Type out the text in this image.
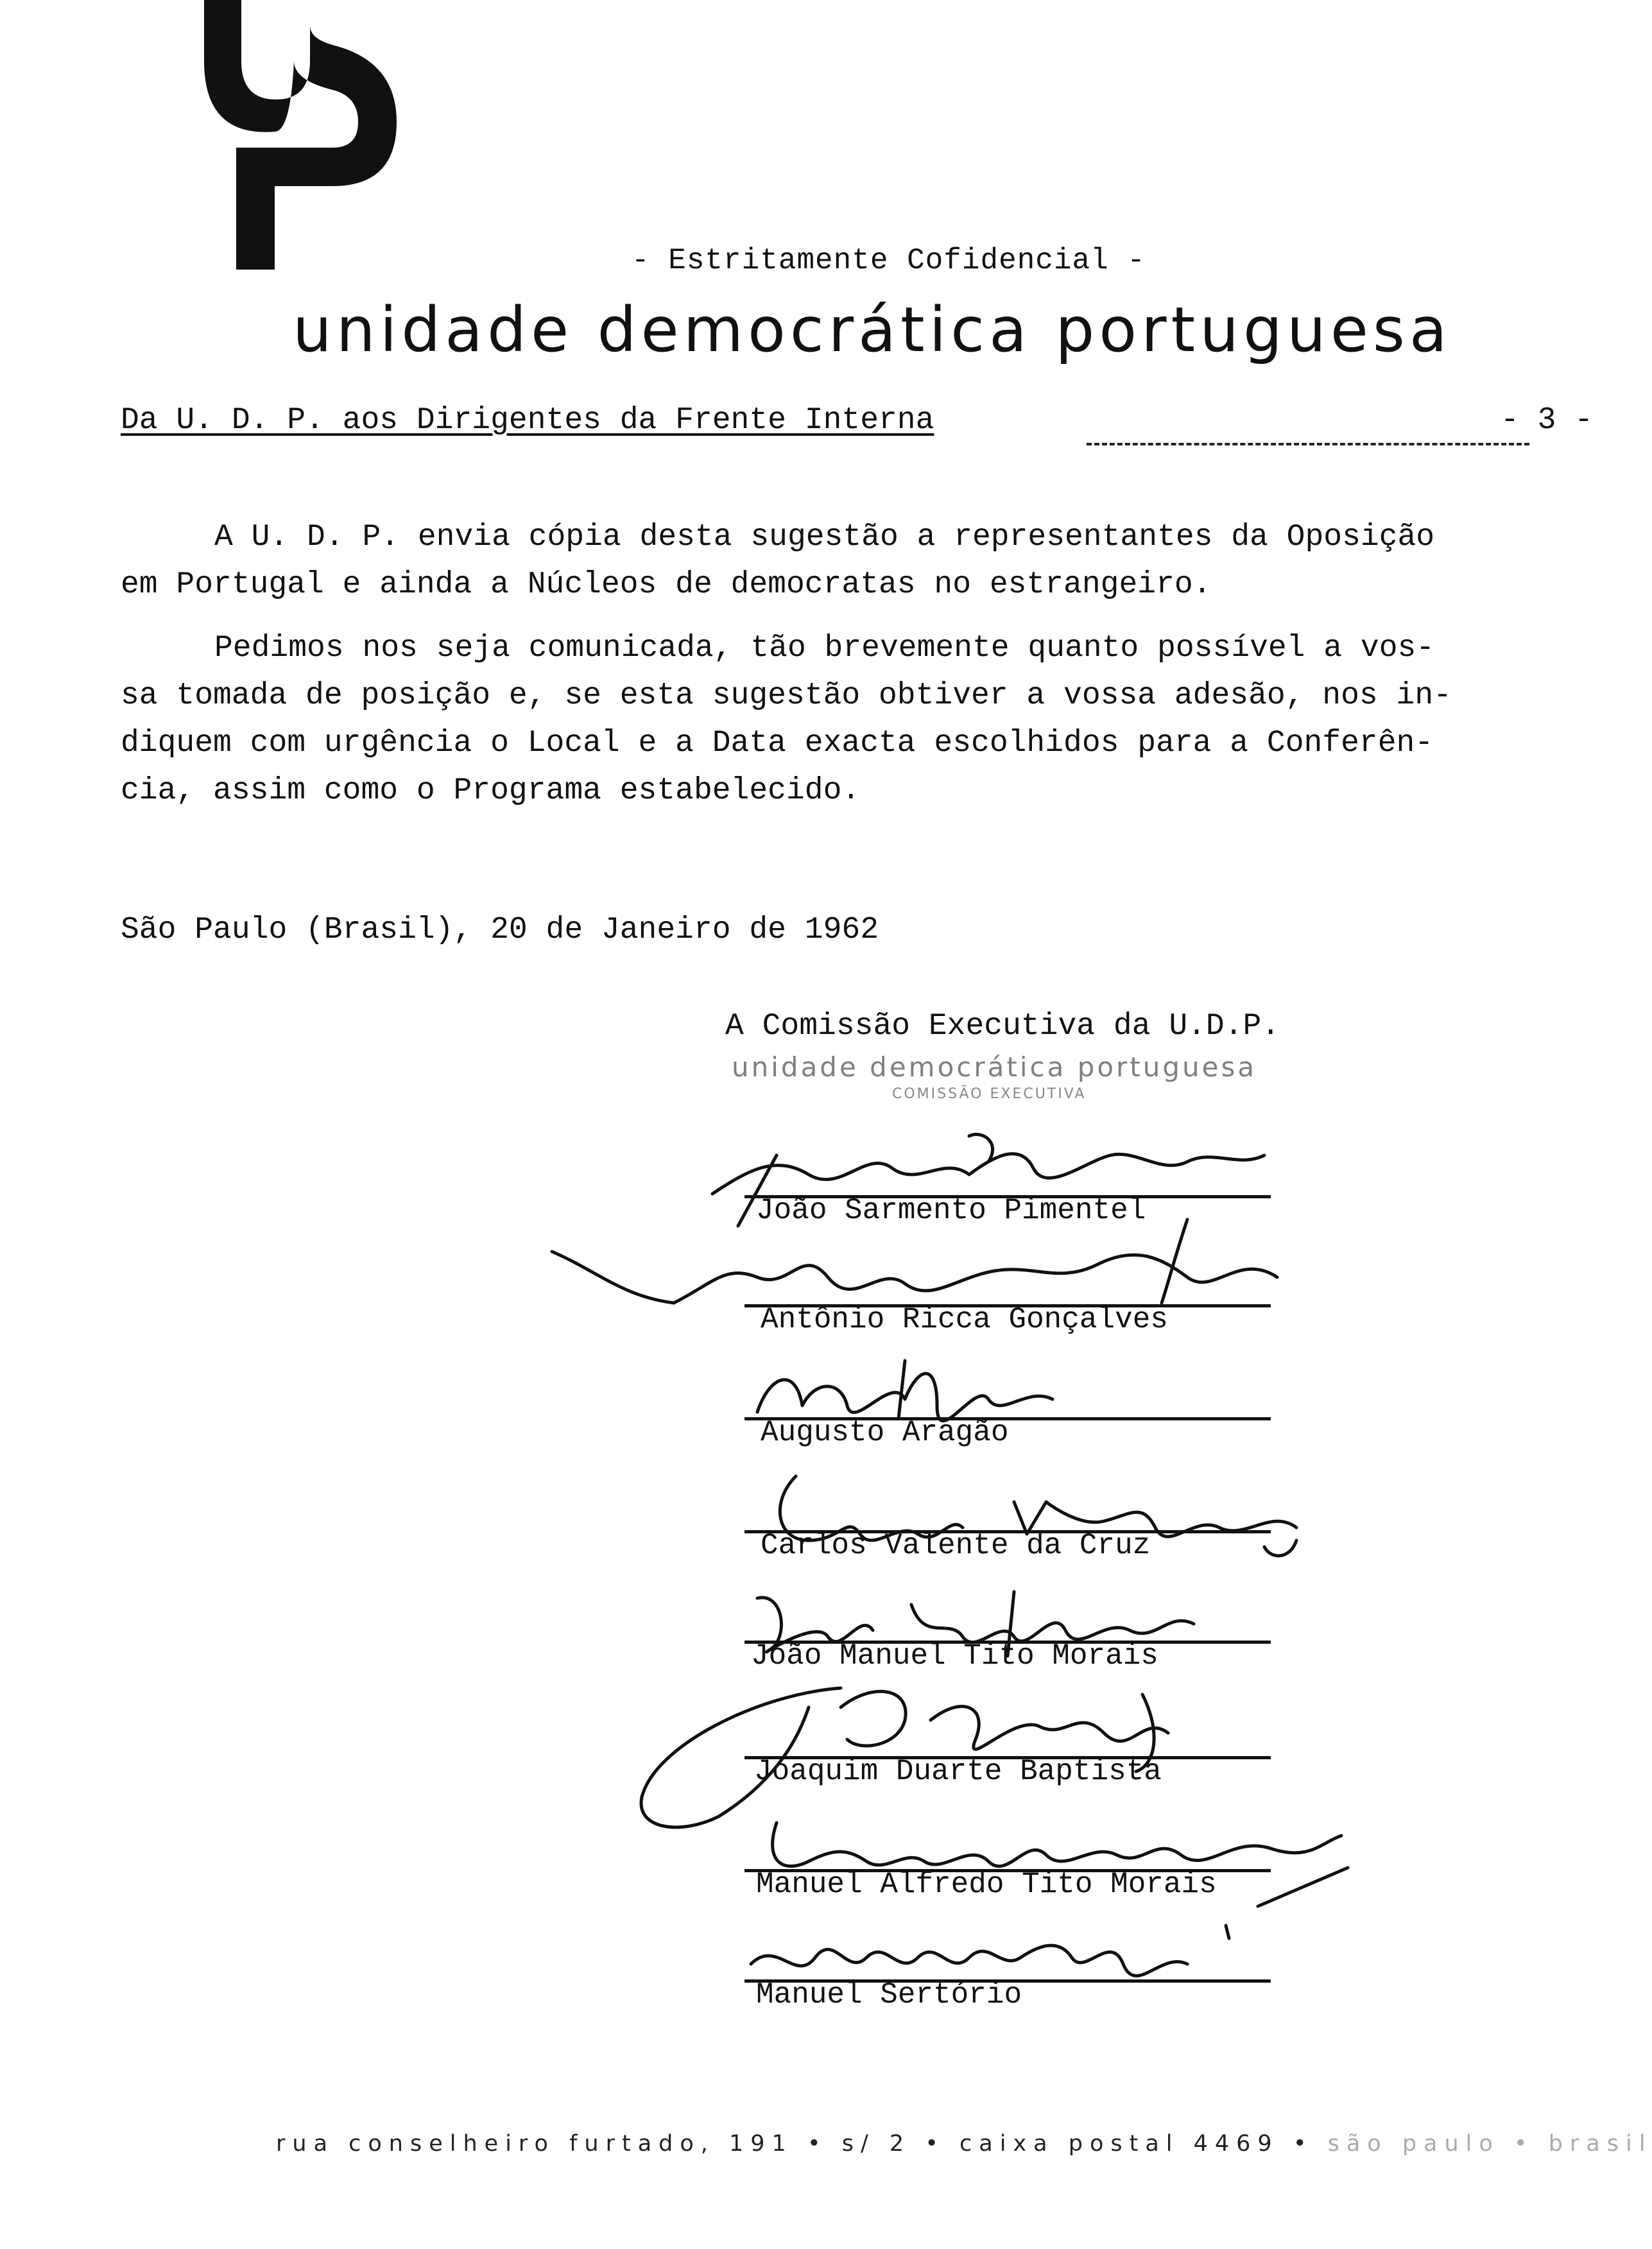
- Estritamente Cofidencial -
unidade democrática portuguesa
Da U. D. P. aos Dirigentes da Frente Interna	- 3 -
A U. D. P. envia cópia desta sugestão a representantes da Oposição
em Portugal e ainda a Núcleos de democratas no estrangeiro.
Pedimos nos seja comunicada, tão brevemente quanto possível a vos-
sa tomada de posição e, se esta sugestão obtiver a vossa adesão, nos in-
diquem com urgência o Local e a Data exacta escolhidos para a Conferên-
cia, assim como o Programa estabelecido.
São Paulo (Brasil), 20 de Janeiro de 1962
A Comissão Executiva da U.D.P.
unidade democrática portuguesa
COMISSÃO EXECUTIVA
João Sarmento Pimentel
Antônio Ricca Gonçalves
Augusto Aragão
Carlos Valente da Cruz
João Manuel Tito Morais
Joaquim Duarte Baptista
Manuel Alfredo Tito Morais
Manuel Sertório
rua conselheiro furtado, 191 • s/ 2 • caixa postal 4469 • são paulo • brasil
